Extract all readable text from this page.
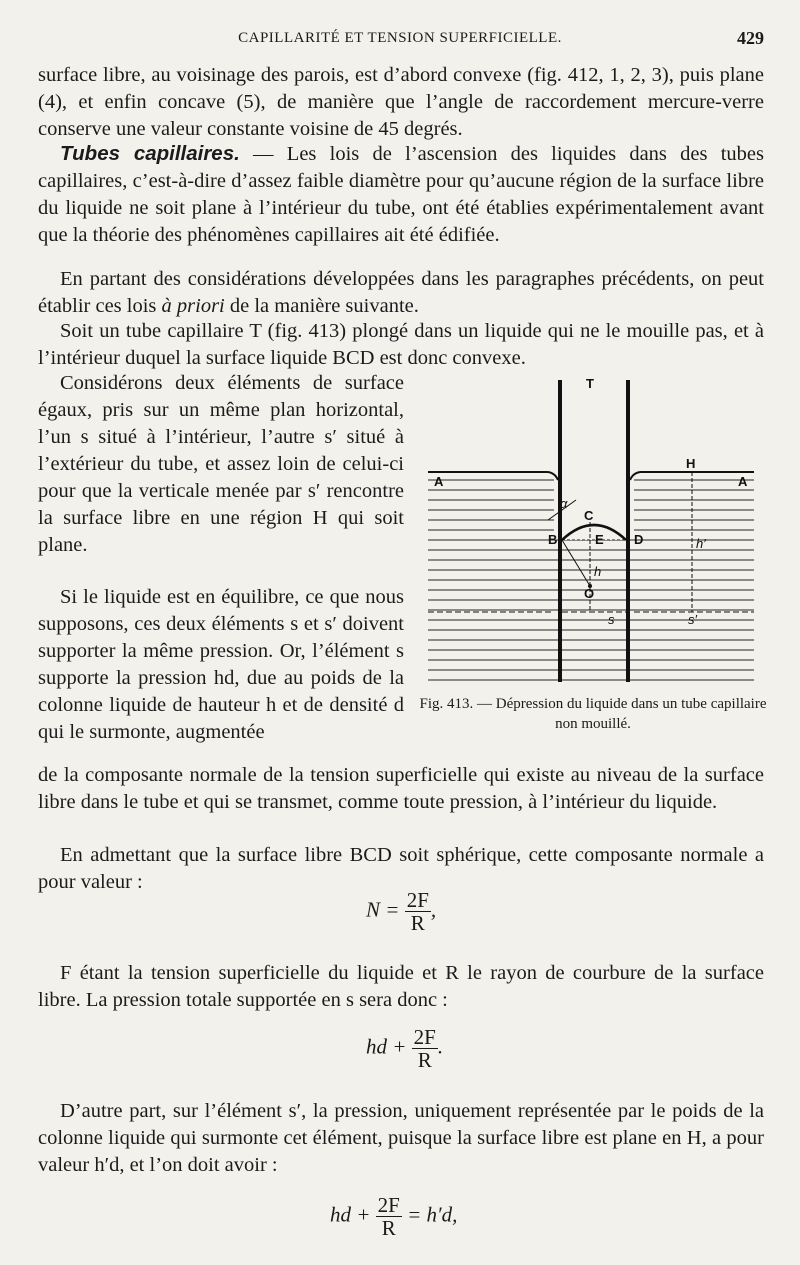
CAPILLARITÉ ET TENSION SUPERFICIELLE.	429
surface libre, au voisinage des parois, est d’abord convexe (fig. 412, 1, 2, 3), puis plane (4), et enfin concave (5), de manière que l’angle de raccordement mercure-verre conserve une valeur constante voisine de 45 degrés.
Tubes capillaires. — Les lois de l’ascension des liquides dans des tubes capillaires, c’est-à-dire d’assez faible diamètre pour qu’aucune région de la surface libre du liquide ne soit plane à l’intérieur du tube, ont été établies expérimentalement avant que la théorie des phénomènes capillaires ait été édifiée.
En partant des considérations développées dans les paragraphes précédents, on peut établir ces lois à priori de la manière suivante.
Soit un tube capillaire T (fig. 413) plongé dans un liquide qui ne le mouille pas, et à l’intérieur duquel la surface liquide BCD est donc convexe.
Considérons deux éléments de surface égaux, pris sur un même plan horizontal, l’un s situé à l’intérieur, l’autre s′ situé à l’extérieur du tube, et assez loin de celui-ci pour que la verticale menée par s′ rencontre la surface libre en une région H qui soit plane.
Si le liquide est en équilibre, ce que nous supposons, ces deux éléments s et s′ doivent supporter la même pression. Or, l’élément s supporte la pression hd, due au poids de la colonne liquide de hauteur h et de densité d qui le surmonte, augmentée
de la composante normale de la tension superficielle qui existe au niveau de la surface libre dans le tube et qui se transmet, comme toute pression, à l’intérieur du liquide.
En admettant que la surface libre BCD soit sphérique, cette composante normale a pour valeur :
$N = \frac{2F}{R}$ ,
F étant la tension superficielle du liquide et R le rayon de courbure de la surface libre. La pression totale supportée en s sera donc :
hd + $\frac{2F}{R}$ .
D’autre part, sur l’élément s′, la pression, uniquement représentée par le poids de la colonne liquide qui surmonte cet élément, puisque la surface libre est plane en H, a pour valeur h′d, et l’on doit avoir :
hd + $\frac{2F}{R} = h'd$,
T
A	A
H
B
C
E D
O
α
h
h′
s	s′
Fig. 413. — Dépression du liquide dans un tube capillaire non mouillé.
